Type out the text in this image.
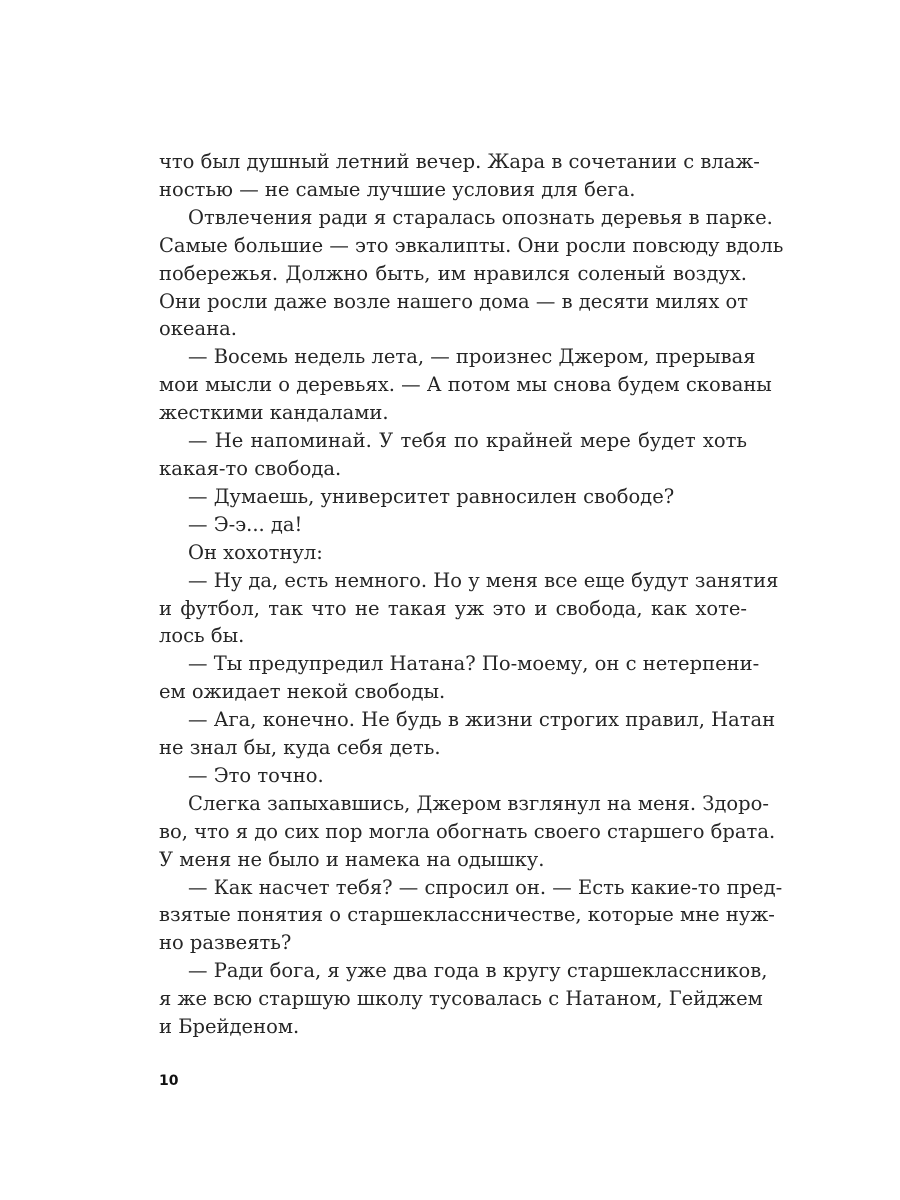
что был душный летний вечер. Жара в сочетании с влаж-
ностью — не самые лучшие условия для бега.

Отвлечения ради я старалась опознать деревья в парке.
Самые большие — это эвкалипты. Они росли повсюду вдоль
побережья. Должно быть, им нравился соленый воздух.
Они росли даже возле нашего дома — в десяти милях от
океана.

— Восемь недель лета, — произнес Джером, прерывая
мои мысли о деревьях. — А потом мы снова будем скованы
жесткими кандалами.

— Не напоминай. У тебя по крайней мере будет хоть
какая-то свобода.

— Думаешь, университет равносилен свободе?

— Э-э... да!

Он хохотнул:

— Ну да, есть немного. Но у меня все еще будут занятия
и футбол, так что не такая уж это и свобода, как хоте-
лось бы.

— Ты предупредил Натана? По-моему, он с нетерпени-
ем ожидает некой свободы.

— Ага, конечно. Не будь в жизни строгих правил, Натан
не знал бы, куда себя деть.

— Это точно.

Слегка запыхавшись, Джером взглянул на меня. Здоро-
во, что я до сих пор могла обогнать своего старшего брата.
У меня не было и намека на одышку.

— Как насчет тебя? — спросил он. — Есть какие-то пред-
взятые понятия о старшеклассничестве, которые мне нуж-
но развеять?

— Ради бога, я уже два года в кругу старшеклассников,
я же всю старшую школу тусовалась с Натаном, Гейджем
и Брейденом.

10
